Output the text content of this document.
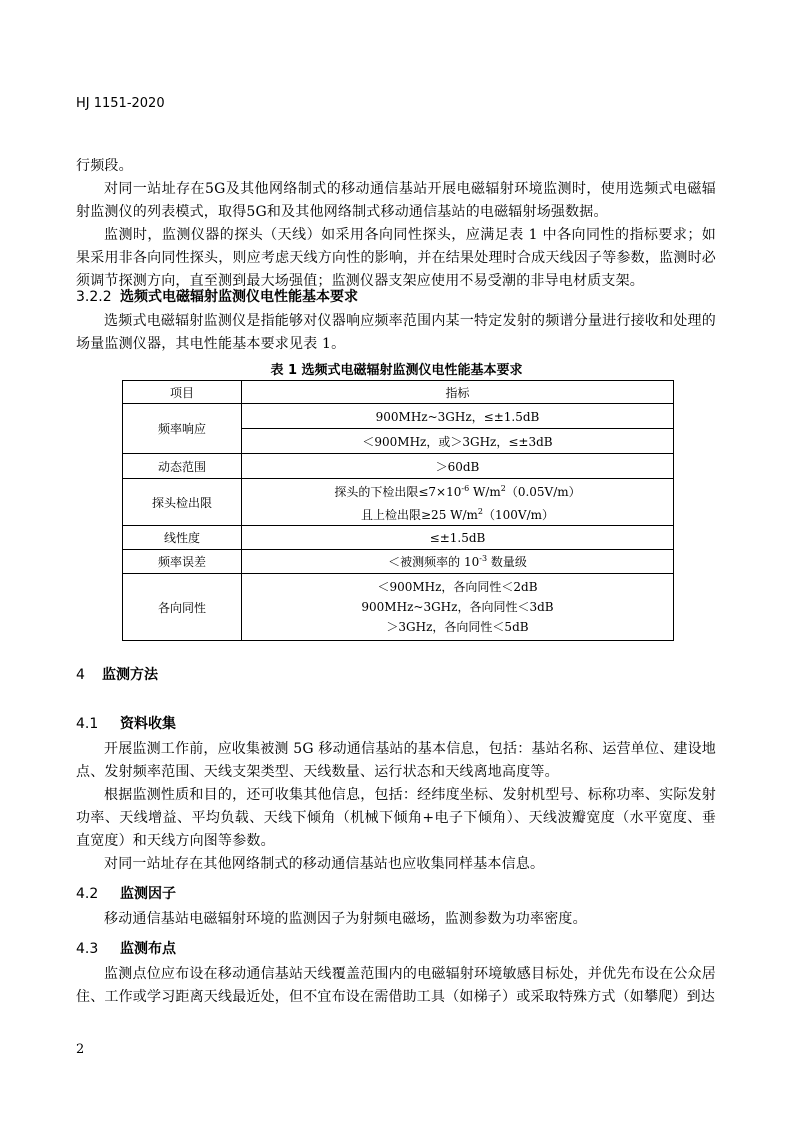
HJ 1151-2020
行频段。
对同一站址存在5G及其他网络制式的移动通信基站开展电磁辐射环境监测时，使用选频式电磁辐射监测仪的列表模式，取得5G和及其他网络制式移动通信基站的电磁辐射场强数据。
监测时，监测仪器的探头（天线）如采用各向同性探头，应满足表 1 中各向同性的指标要求；如果采用非各向同性探头，则应考虑天线方向性的影响，并在结果处理时合成天线因子等参数，监测时必须调节探测方向，直至测到最大场强值；监测仪器支架应使用不易受潮的非导电材质支架。
3.2.2 选频式电磁辐射监测仪电性能基本要求
选频式电磁辐射监测仪是指能够对仪器响应频率范围内某一特定发射的频谱分量进行接收和处理的场量监测仪器，其电性能基本要求见表 1。
表 1 选频式电磁辐射监测仪电性能基本要求
项目	指标
频率响应	900MHz~3GHz，≤±1.5dB
	＜900MHz，或＞3GHz，≤±3dB
动态范围	＞60dB
探头检出限	探头的下检出限$\le 7\times 10^{-6}$ $W/m^2(0.05V/m)$
且上检出限≥25 $W/m^2(100V/m)$

线性度	≤±1.5dB
频率误差	＜被测频率的 $10^{-3}$ 数量级
各向同性	＜900MHz，各向同性＜2dB
900MHz~3GHz，各向同性＜3dB
＞3GHz，各向同性＜5dB
4 监测方法
4.1 资料收集
开展监测工作前，应收集被测 5G 移动通信基站的基本信息，包括：基站名称、运营单位、建设地点、发射频率范围、天线支架类型、天线数量、运行状态和天线离地高度等。
根据监测性质和目的，还可收集其他信息，包括：经纬度坐标、发射机型号、标称功率、实际发射功率、天线增益、平均负载、天线下倾角（机械下倾角+电子下倾角）、天线波瓣宽度（水平宽度、垂直宽度）和天线方向图等参数。
对同一站址存在其他网络制式的移动通信基站也应收集同样基本信息。
4.2 监测因子
移动通信基站电磁辐射环境的监测因子为射频电磁场，监测参数为功率密度。
4.3 监测布点
监测点位应布设在移动通信基站天线覆盖范围内的电磁辐射环境敏感目标处，并优先布设在公众居住、工作或学习距离天线最近处，但不宜布设在需借助工具（如梯子）或采取特殊方式（如攀爬）到达
2
